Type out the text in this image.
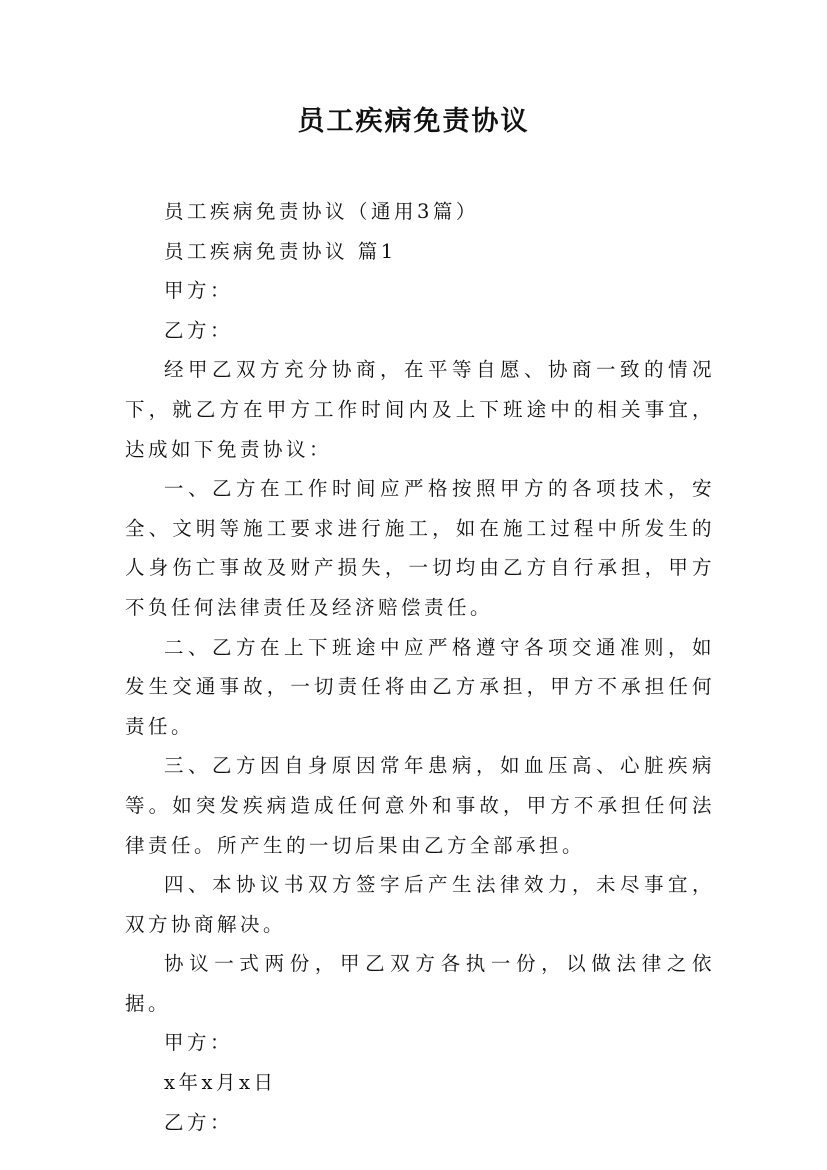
员工疾病免责协议

员工疾病免责协议（通用3篇）

员工疾病免责协议 篇1

甲方：

乙方：

经甲乙双方充分协商，在平等自愿、协商一致的情况下，就乙方在甲方工作时间内及上下班途中的相关事宜，达成如下免责协议：

一、乙方在工作时间应严格按照甲方的各项技术，安全、文明等施工要求进行施工，如在施工过程中所发生的人身伤亡事故及财产损失，一切均由乙方自行承担，甲方不负任何法律责任及经济赔偿责任。

二、乙方在上下班途中应严格遵守各项交通准则，如发生交通事故，一切责任将由乙方承担，甲方不承担任何责任。

三、乙方因自身原因常年患病，如血压高、心脏疾病等。如突发疾病造成任何意外和事故，甲方不承担任何法律责任。所产生的一切后果由乙方全部承担。

四、本协议书双方签字后产生法律效力，未尽事宜，双方协商解决。

协议一式两份，甲乙双方各执一份，以做法律之依据。

甲方：

x年x月x日

乙方：
